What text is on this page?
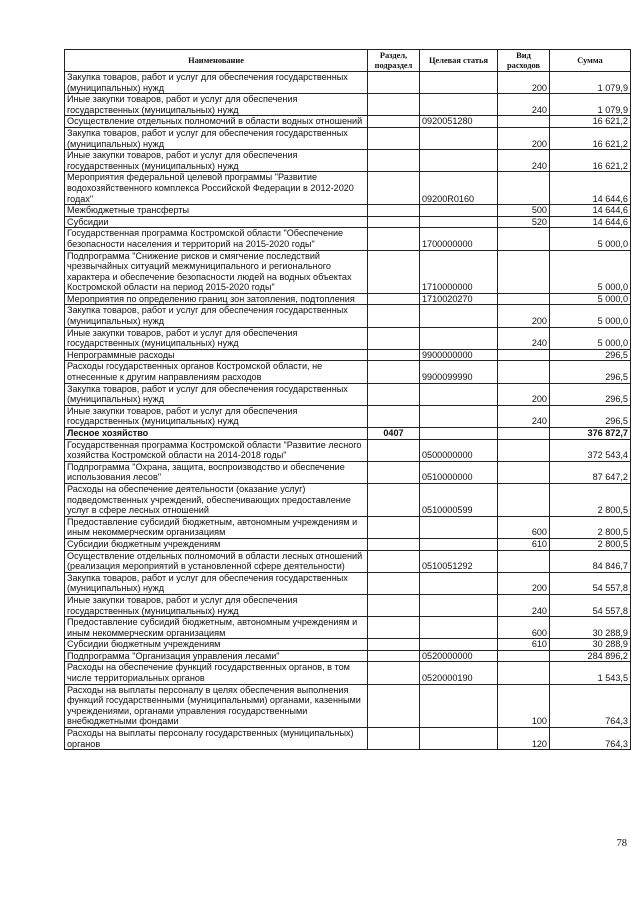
Наименование	Раздел, подраздел	Целевая статья	Вид расходов	Сумма
Закупка товаров, работ и услуг для обеспечения государственных (муниципальных) нужд			200	1 079,9
Иные закупки товаров, работ и услуг для обеспечения государственных (муниципальных) нужд			240	1 079,9
Осуществление отдельных полномочий в области водных отношений		0920051280		16 621,2
Закупка товаров, работ и услуг для обеспечения государственных (муниципальных) нужд			200	16 621,2
Иные закупки товаров, работ и услуг для обеспечения государственных (муниципальных) нужд			240	16 621,2
Мероприятия федеральной целевой программы "Развитие водохозяйственного комплекса Российской Федерации в 2012-2020 годах"		09200R0160		14 644,6
Межбюджетные трансферты			500	14 644,6
Субсидии			520	14 644,6
Государственная программа Костромской области "Обеспечение безопасности населения и территорий на 2015-2020 годы"		1700000000		5 000,0
Подпрограмма "Снижение рисков и смягчение последствий чрезвычайных ситуаций межмуниципального и регионального характера и обеспечение безопасности людей на водных объектах Костромской области на период 2015-2020 годы"		1710000000		5 000,0
Мероприятия по определению границ зон затопления, подтопления		1710020270		5 000,0
Закупка товаров, работ и услуг для обеспечения государственных (муниципальных) нужд			200	5 000,0
Иные закупки товаров, работ и услуг для обеспечения государственных (муниципальных) нужд			240	5 000,0
Непрограммные расходы		9900000000		296,5
Расходы государственных органов Костромской области, не отнесенные к другим направлениям расходов		9900099990		296,5
Закупка товаров, работ и услуг для обеспечения государственных (муниципальных) нужд			200	296,5
Иные закупки товаров, работ и услуг для обеспечения государственных (муниципальных) нужд			240	296,5
Лесное хозяйство	0407			376 872,7
Государственная программа Костромской области "Развитие лесного хозяйства Костромской области на 2014-2018 годы"		0500000000		372 543,4
Подпрограмма "Охрана, защита, воспроизводство и обеспечение использования лесов"		0510000000		87 647,2
Расходы на обеспечение деятельности (оказание услуг) подведомственных учреждений, обеспечивающих предоставление услуг в сфере лесных отношений		0510000599		2 800,5
Предоставление субсидий бюджетным, автономным учреждениям и иным некоммерческим организациям			600	2 800,5
Субсидии бюджетным учреждениям			610	2 800,5
Осуществление отдельных полномочий в области лесных отношений (реализация мероприятий в установленной сфере деятельности)		0510051292		84 846,7
Закупка товаров, работ и услуг для обеспечения государственных (муниципальных) нужд			200	54 557,8
Иные закупки товаров, работ и услуг для обеспечения государственных (муниципальных) нужд			240	54 557,8
Предоставление субсидий бюджетным, автономным учреждениям и иным некоммерческим организациям			600	30 288,9
Субсидии бюджетным учреждениям			610	30 288,9
Подпрограмма "Организация управления лесами"		0520000000		284 896,2
Расходы на обеспечение функций государственных органов, в том числе территориальных органов		0520000190		1 543,5
Расходы на выплаты персоналу в целях обеспечения выполнения функций государственными (муниципальными) органами, казенными учреждениями, органами управления государственными внебюджетными фондами			100	764,3
Расходы на выплаты персоналу государственных (муниципальных) органов			120	764,3
78
